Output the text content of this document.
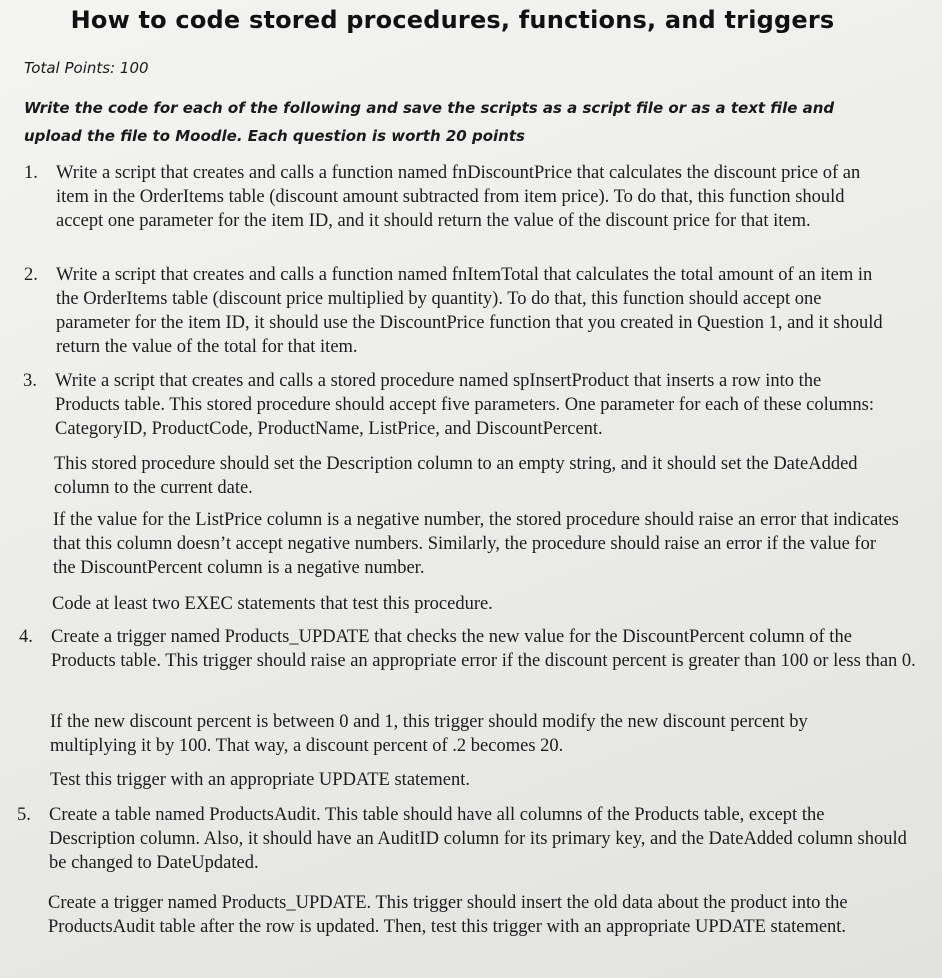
How to code stored procedures, functions, and triggers
Total Points: 100
Write the code for each of the following and save the scripts as a script file or as a text file and upload the file to Moodle. Each question is worth 20 points
1. Write a script that creates and calls a function named fnDiscountPrice that calculates the discount price of an item in the OrderItems table (discount amount subtracted from item price). To do that, this function should accept one parameter for the item ID, and it should return the value of the discount price for that item.
2. Write a script that creates and calls a function named fnItemTotal that calculates the total amount of an item in the OrderItems table (discount price multiplied by quantity). To do that, this function should accept one parameter for the item ID, it should use the DiscountPrice function that you created in Question 1, and it should return the value of the total for that item.
3. Write a script that creates and calls a stored procedure named spInsertProduct that inserts a row into the Products table. This stored procedure should accept five parameters. One parameter for each of these columns: CategoryID, ProductCode, ProductName, ListPrice, and DiscountPercent.
This stored procedure should set the Description column to an empty string, and it should set the DateAdded column to the current date.
If the value for the ListPrice column is a negative number, the stored procedure should raise an error that indicates that this column doesn’t accept negative numbers. Similarly, the procedure should raise an error if the value for the DiscountPercent column is a negative number.
Code at least two EXEC statements that test this procedure.
4. Create a trigger named Products_UPDATE that checks the new value for the DiscountPercent column of the Products table. This trigger should raise an appropriate error if the discount percent is greater than 100 or less than 0.
If the new discount percent is between 0 and 1, this trigger should modify the new discount percent by multiplying it by 100. That way, a discount percent of .2 becomes 20.
Test this trigger with an appropriate UPDATE statement.
5. Create a table named ProductsAudit. This table should have all columns of the Products table, except the Description column. Also, it should have an AuditID column for its primary key, and the DateAdded column should be changed to DateUpdated.
Create a trigger named Products_UPDATE. This trigger should insert the old data about the product into the ProductsAudit table after the row is updated. Then, test this trigger with an appropriate UPDATE statement.
